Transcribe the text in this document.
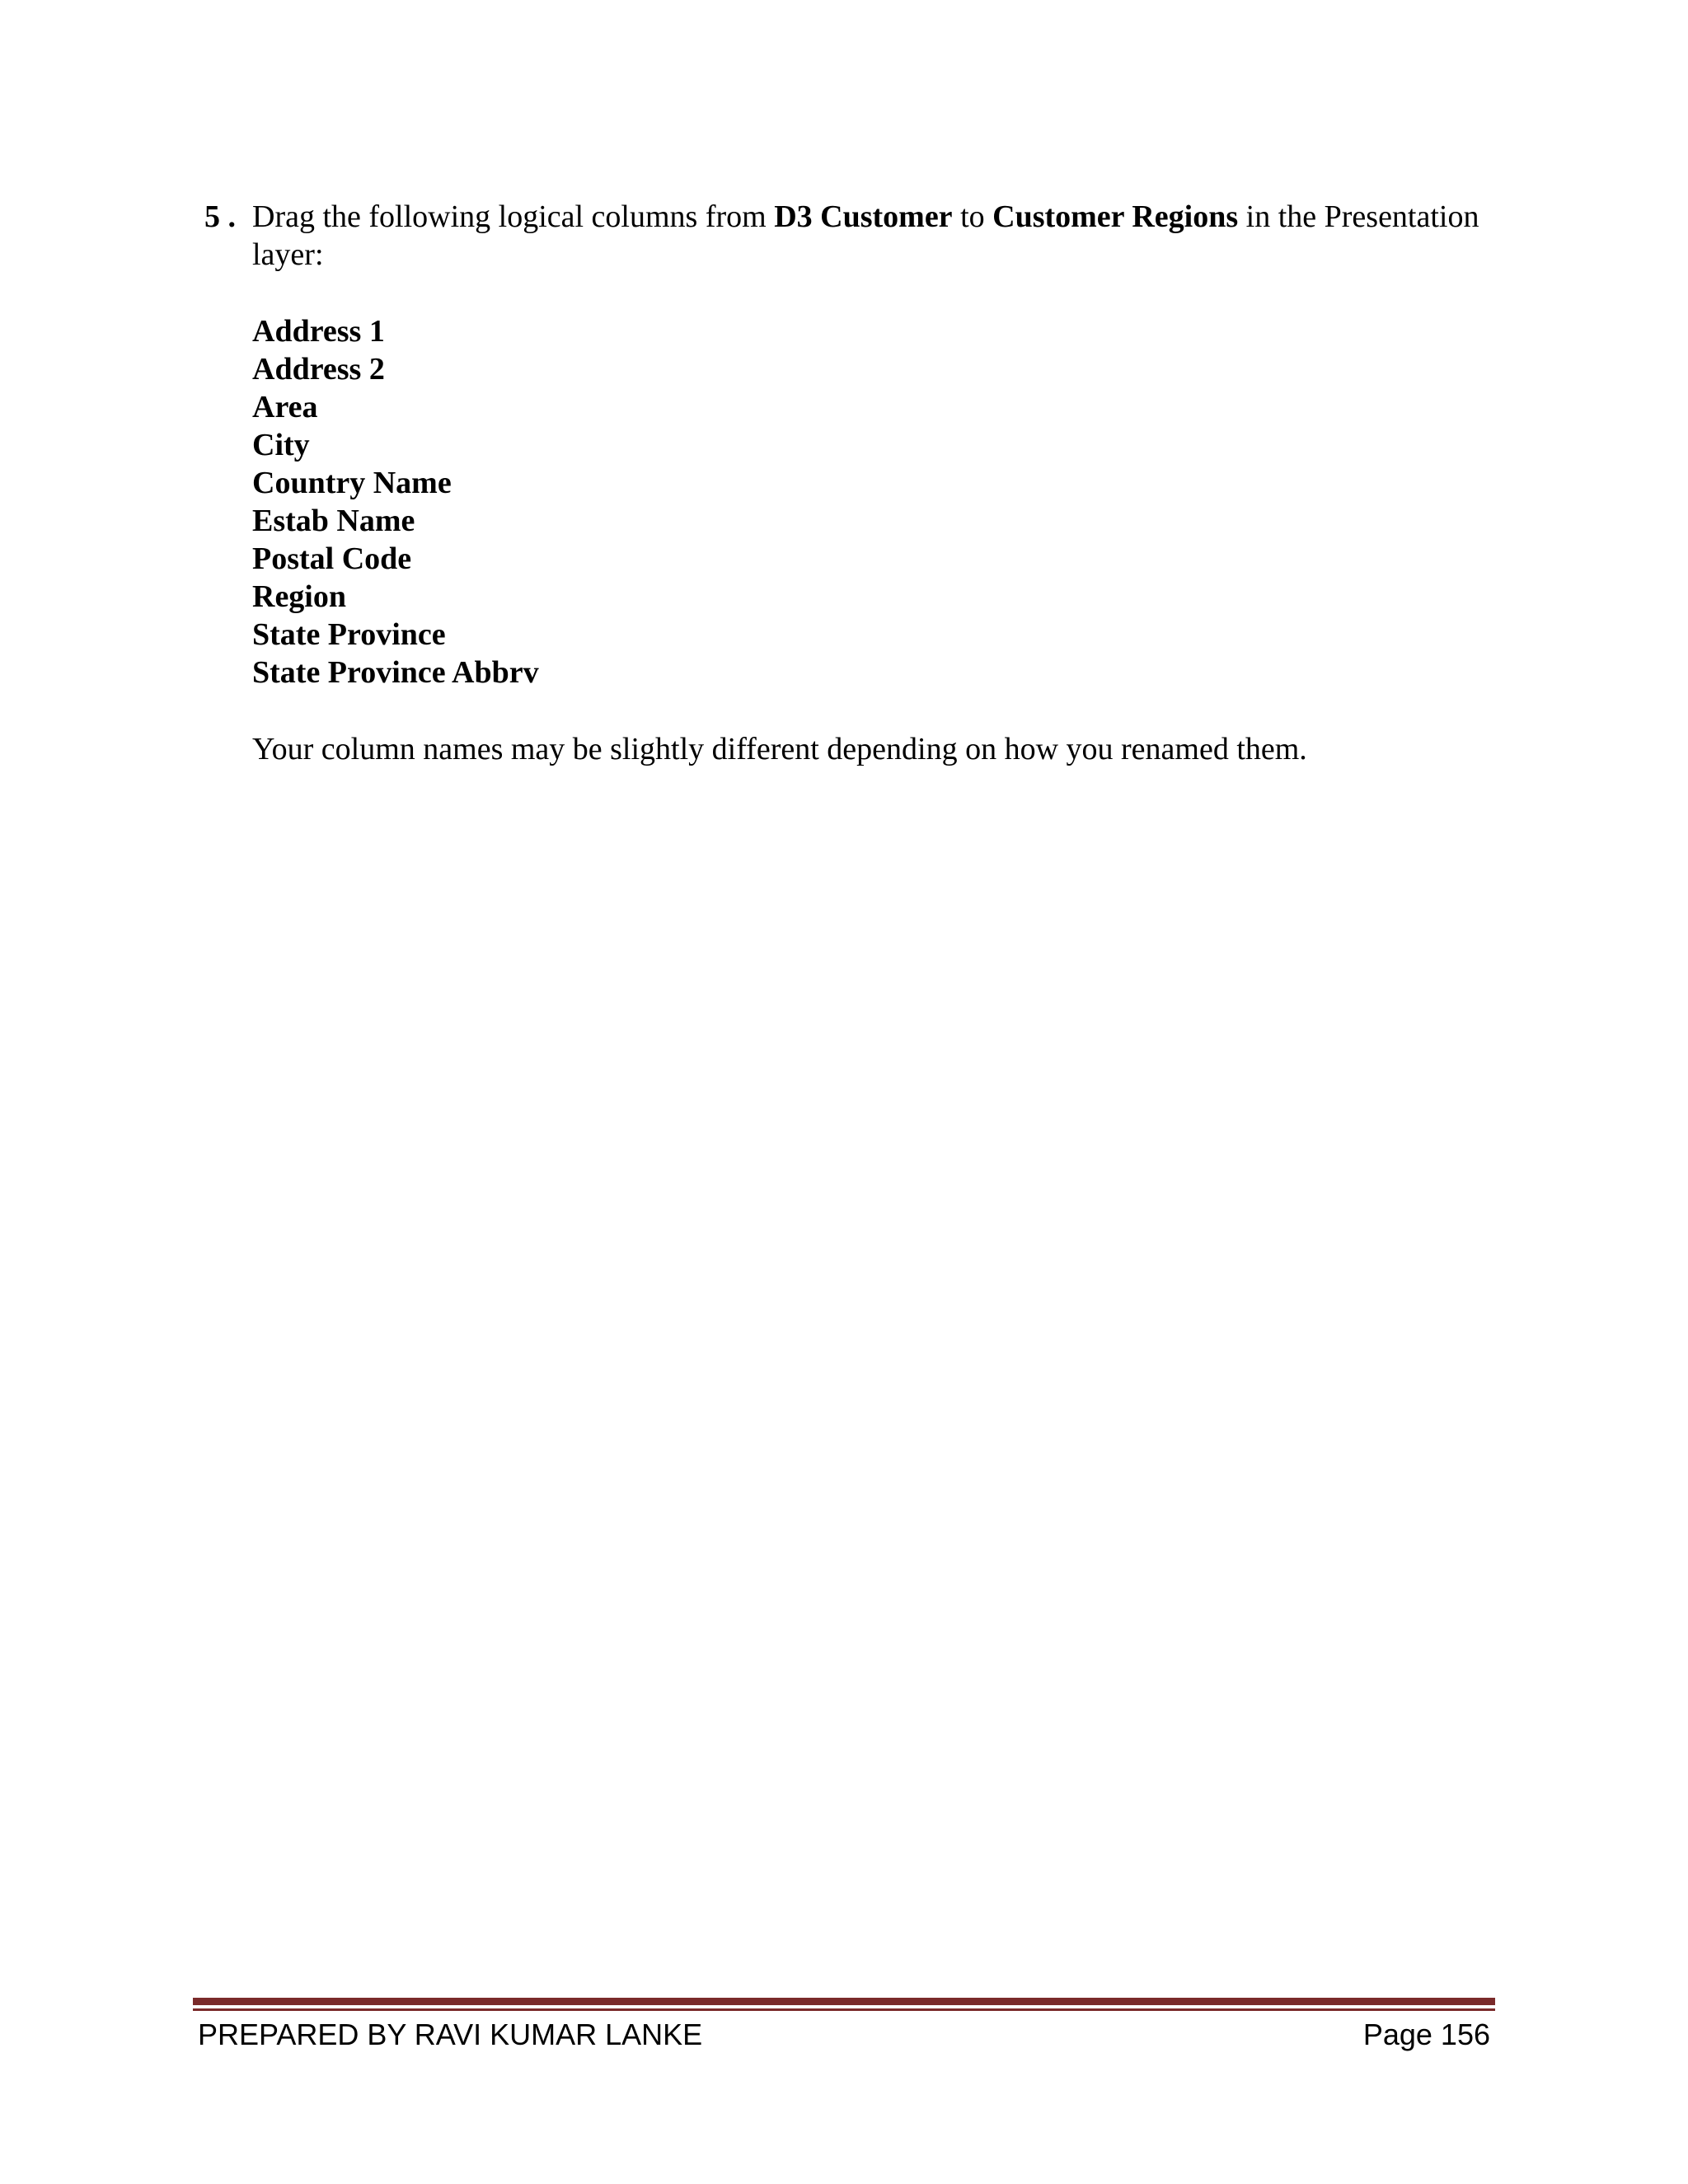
5 . Drag the following logical columns from D3 Customer to Customer Regions in the Presentation layer:

Address 1
Address 2
Area
City
Country Name
Estab Name
Postal Code
Region
State Province
State Province Abbrv

Your column names may be slightly different depending on how you renamed them.

PREPARED BY RAVI KUMAR LANKE	Page 156
